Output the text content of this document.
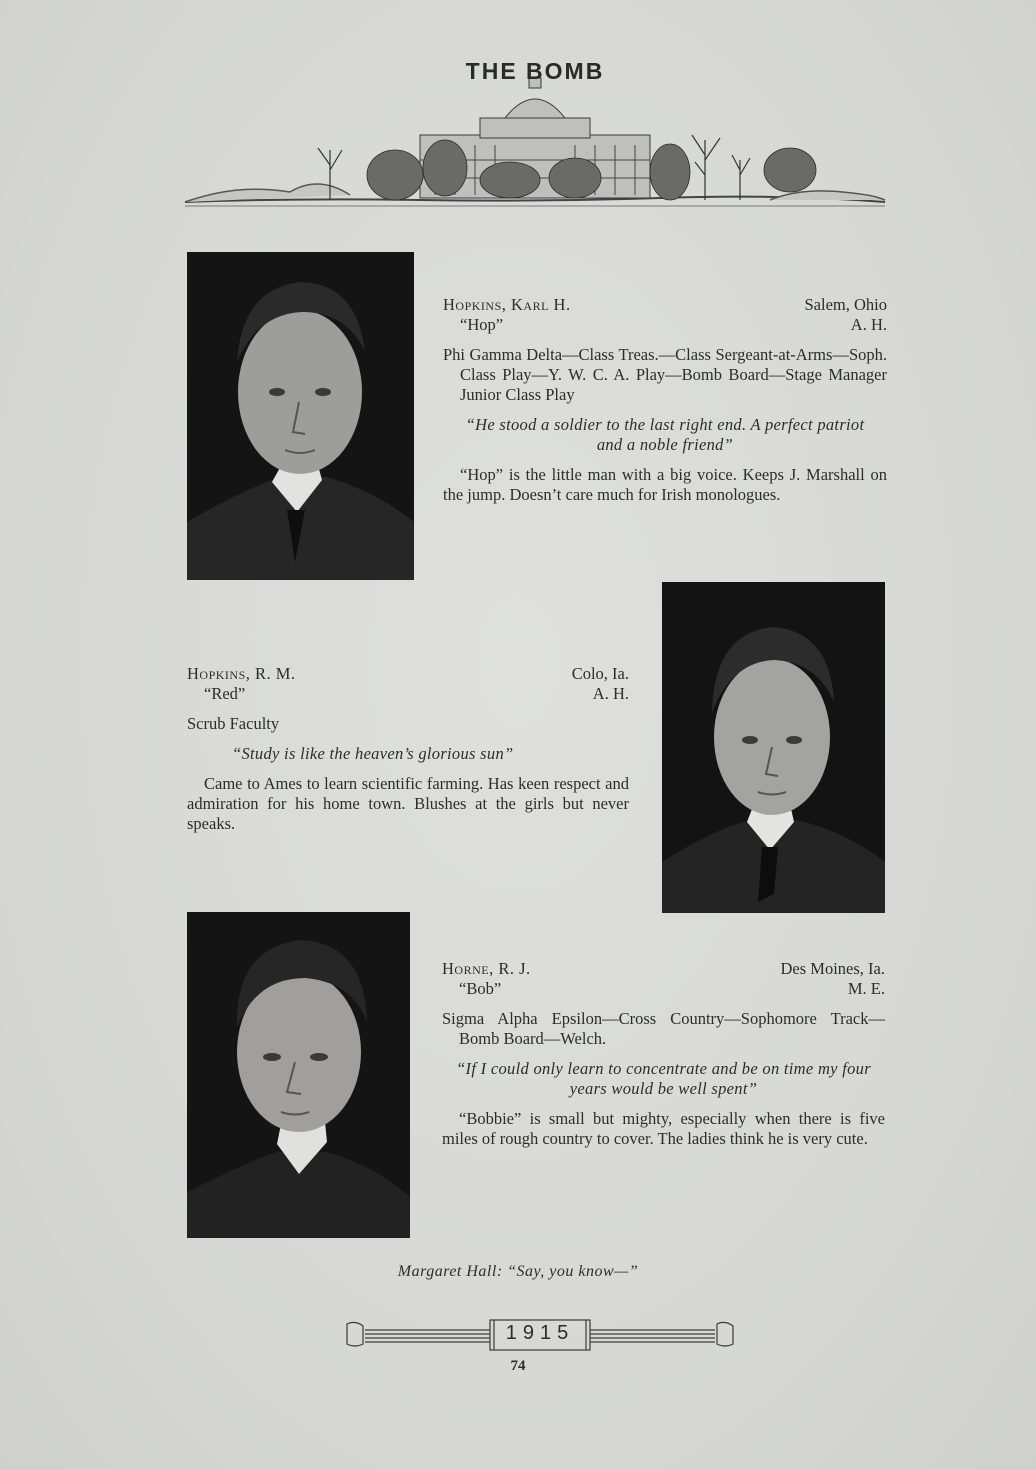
THE BOMB
Hopkins, Karl H.	Salem, Ohio
“Hop”	A. H.
Phi Gamma Delta—Class Treas.—Class Sergeant-at-Arms—Soph. Class Play—Y. W. C. A. Play—Bomb Board—Stage Manager Junior Class Play
“He stood a soldier to the last right end. A perfect patriot and a noble friend”
“Hop” is the little man with a big voice. Keeps J. Marshall on the jump. Doesn’t care much for Irish monologues.
Hopkins, R. M.	Colo, Ia.
“Red”	A. H.
Scrub Faculty
“Study is like the heaven’s glorious sun”
Came to Ames to learn scientific farming. Has keen respect and admiration for his home town. Blushes at the girls but never speaks.
Horne, R. J.	Des Moines, Ia.
“Bob”	M. E.
Sigma Alpha Epsilon—Cross Country—Sophomore Track—Bomb Board—Welch.
“If I could only learn to concentrate and be on time my four years would be well spent”
“Bobbie” is small but mighty, especially when there is five miles of rough country to cover. The ladies think he is very cute.
Margaret Hall: “Say, you know—”
1915
74
